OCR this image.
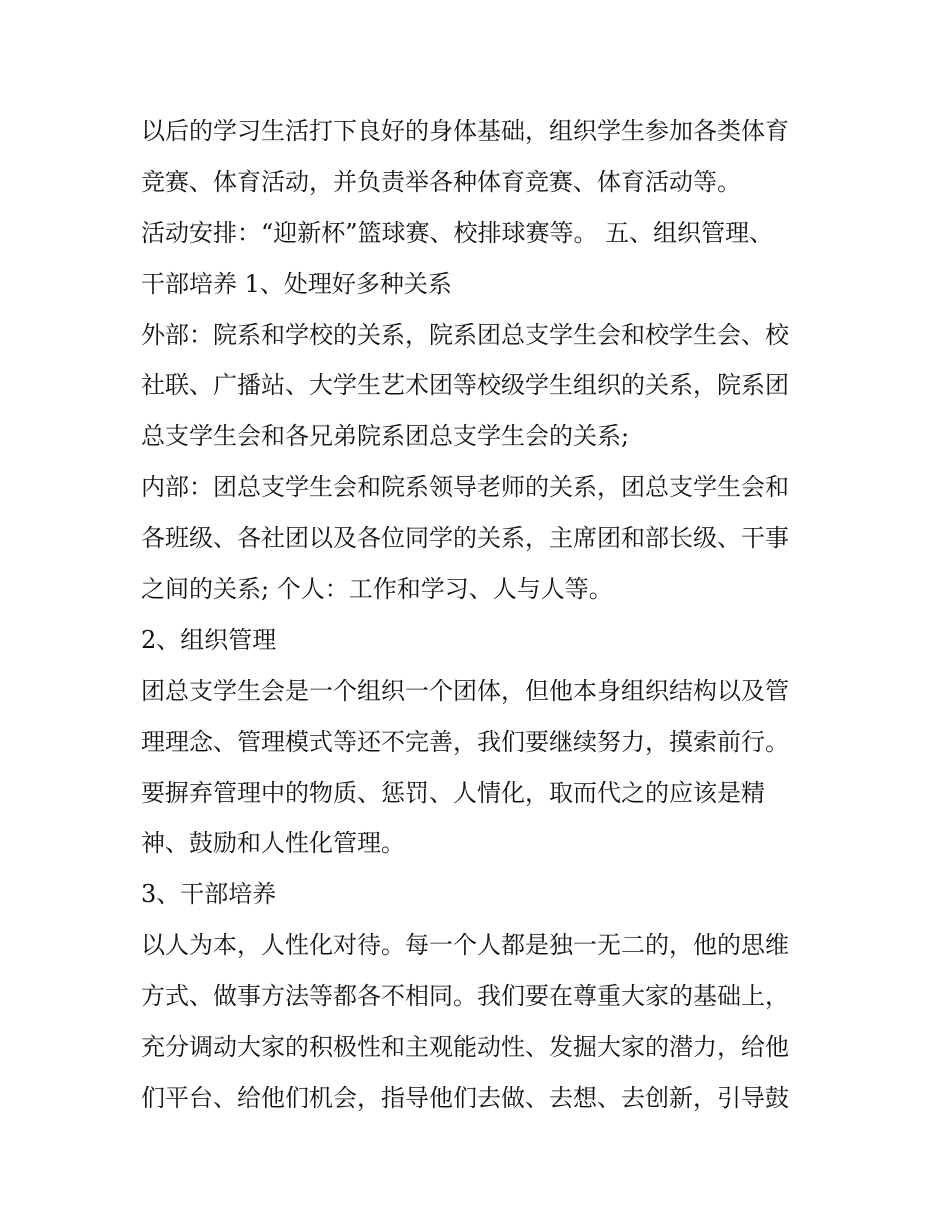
以后的学习生活打下良好的身体基础，组织学生参加各类体育
竞赛、体育活动，并负责举各种体育竞赛、体育活动等。
活动安排：“迎新杯”篮球赛、校排球赛等。 五、组织管理、
干部培养 1、处理好多种关系
外部：院系和学校的关系，院系团总支学生会和校学生会、校
社联、广播站、大学生艺术团等校级学生组织的关系，院系团
总支学生会和各兄弟院系团总支学生会的关系;
内部：团总支学生会和院系领导老师的关系，团总支学生会和
各班级、各社团以及各位同学的关系，主席团和部长级、干事
之间的关系; 个人：工作和学习、人与人等。
2、组织管理
团总支学生会是一个组织一个团体，但他本身组织结构以及管
理理念、管理模式等还不完善，我们要继续努力，摸索前行。
要摒弃管理中的物质、惩罚、人情化，取而代之的应该是精
神、鼓励和人性化管理。
3、干部培养
以人为本，人性化对待。每一个人都是独一无二的，他的思维
方式、做事方法等都各不相同。我们要在尊重大家的基础上，
充分调动大家的积极性和主观能动性、发掘大家的潜力，给他
们平台、给他们机会，指导他们去做、去想、去创新，引导鼓
